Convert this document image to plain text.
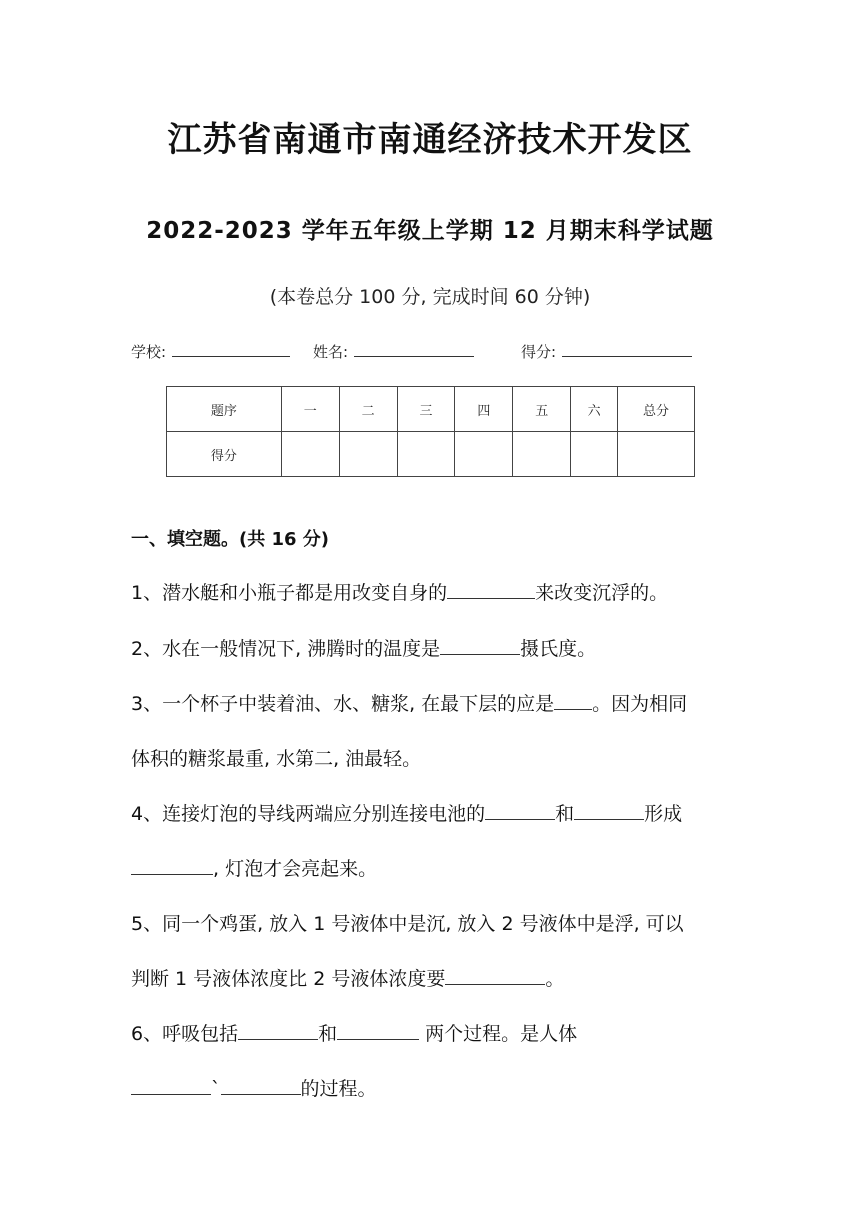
江苏省南通市南通经济技术开发区
2022-2023 学年五年级上学期 12 月期末科学试题
(本卷总分 100 分, 完成时间 60 分钟)
学校:	姓名:	得分:
题序	一	二	三	四	五	六	总分
得分							
一、填空题。(共 16 分)
1、潜水艇和小瓶子都是用改变自身的	来改变沉浮的。
2、水在一般情况下, 沸腾时的温度是	摄氏度。
3、一个杯子中装着油、水、糖浆, 在最下层的应是 。因为相同
体积的糖浆最重, 水第二, 油最轻。
4、连接灯泡的导线两端应分别连接电池的	和	形成
, 灯泡才会亮起来。
5、同一个鸡蛋, 放入 1 号液体中是沉, 放入 2 号液体中是浮, 可以
判断 1 号液体浓度比 2 号液体浓度要	。
6、呼吸包括	和	两个过程。是人体
`	的过程。
